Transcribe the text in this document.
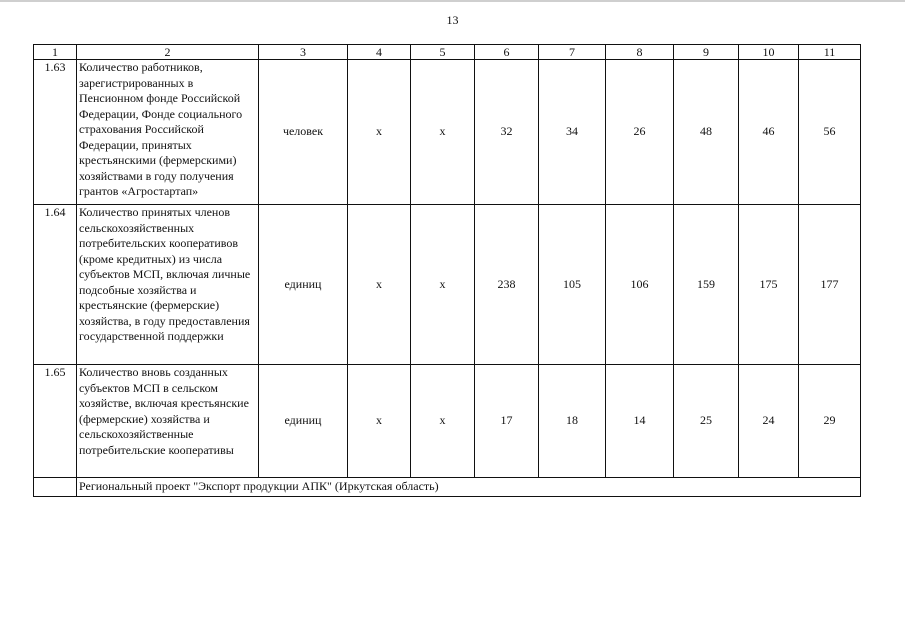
13
1	2	3	4	5	6	7	8	9	10	11
1.63	Количество работников, зарегистрированных в Пенсионном фонде Российской Федерации, Фонде социального страхования Российской Федерации, принятых крестьянскими (фермерскими) хозяйствами в году получения грантов «Агростартап»	человек	х	х	32	34	26	48	46	56
1.64	Количество принятых членов сельскохозяйственных потребительских кооперативов (кроме кредитных) из числа субъектов МСП, включая личные подсобные хозяйства и крестьянские (фермерские) хозяйства, в году предоставления государственной поддержки	единиц	х	х	238	105	106	159	175	177
1.65	Количество вновь созданных субъектов МСП в сельском хозяйстве, включая крестьянские (фермерские) хозяйства и сельскохозяйственные потребительские кооперативы	единиц	х	х	17	18	14	25	24	29
	Региональный проект "Экспорт продукции АПК" (Иркутская область)									
